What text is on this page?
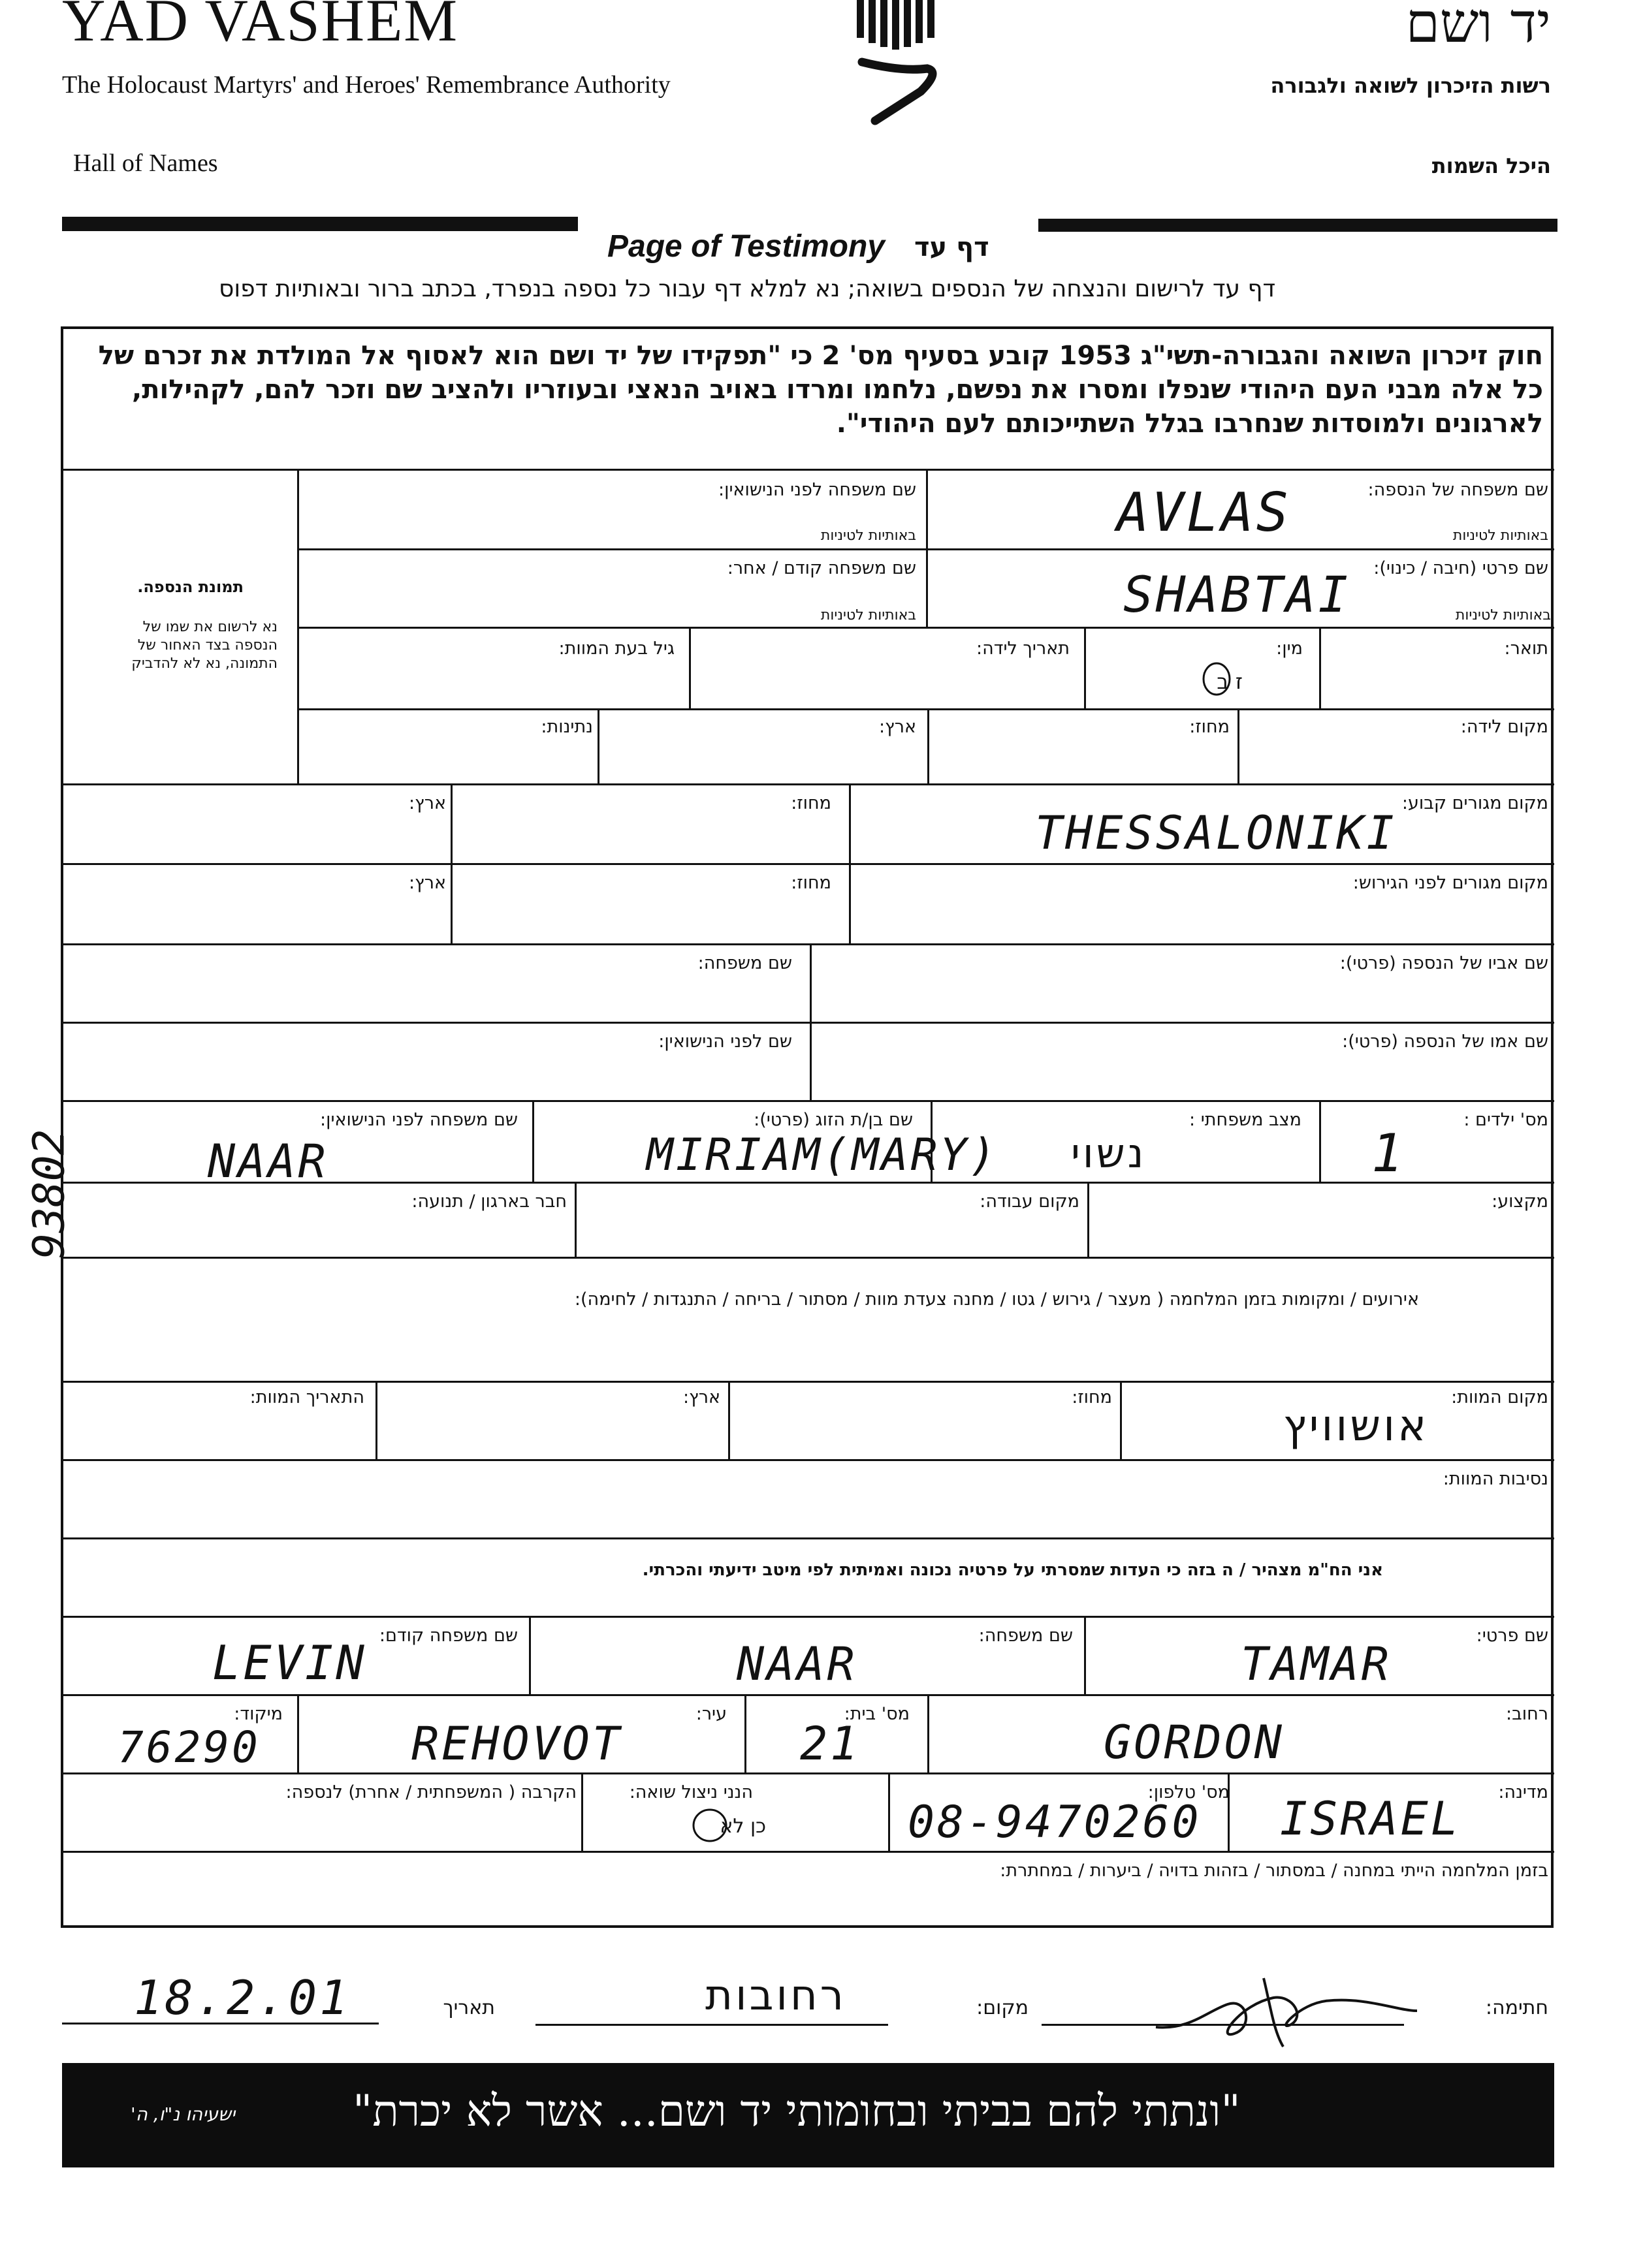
YAD VASHEM	יד ושם
The Holocaust Martyrs' and Heroes' Remembrance Authority	רשות הזיכרון לשואה ולגבורה
Hall of Names	היכל השמות
Page of Testimony דף עד
דף עד לרישום והנצחה של הנספים בשואה; נא למלא דף עבור כל נספה בנפרד, בכתב ברור ובאותיות דפוס
חוק זיכרון השואה והגבורה-תשי"ג 1953 קובע בסעיף מס' 2 כי "תפקידו של יד ושם הוא לאסוף אל המולדת את זכרם של
כל אלה מבני העם היהודי שנפלו ומסרו את נפשם, נלחמו ומרדו באויב הנאצי ובעוזריו ולהציב שם וזכר להם, לקהילות,
לארגונים ולמוסדות שנחרבו בגלל השתייכותם לעם היהודי".
תמונת הנספה.
נא לרשום את שמו של
הנספה בצד האחור של
התמונה, נא לא להדביק
שם משפחה של הנספה:
באותיות לטיניות
AVLAS
שם משפחה לפני הנישואין:
באותיות לטיניות
שם פרטי (חיבה / כינוי):
באותיות לטיניות
SHABTAI
שם משפחה קודם / אחר:
באותיות לטיניות
תואר:
מין:
ז ב
תאריך לידה:
גיל בעת המוות:
מקום לידה:
מחוז:
ארץ:
נתינות:
מקום מגורים קבוע:
THESSALONIKI
מחוז:
ארץ:
מקום מגורים לפני הגירוש:
מחוז:
ארץ:
שם אביו של הנספה (פרטי):
שם משפחה:
שם אמו של הנספה (פרטי):
שם לפני הנישואין:
מס' ילדים :
1
מצב משפחתי :
נשוי
שם בן/ת הזוג (פרטי):
MIRIAM(MARY)
שם משפחה לפני הנישואין:
NAAR
מקצוע:
מקום עבודה:
חבר בארגון / תנועה:
אירועים / ומקומות בזמן המלחמה ( מעצר / גירוש / גטו / מחנה צעדת מוות / מסתור / בריחה / התנגדות / לחימה):
מקום המוות:
אושוויץ
מחוז:
ארץ:
התאריך המוות:
נסיבות המוות:
אני הח"מ מצהיר / ה בזה כי העדות שמסרתי על פרטיה נכונה ואמיתית לפי מיטב ידיעתי והכרתי.
שם פרטי:
TAMAR
שם משפחה:
NAAR
שם משפחה קודם:
LEVIN
רחוב:
GORDON
מס' בית:
21
עיר:
REHOVOT
מיקוד:
76290
מדינה:
ISRAEL
מס' טלפון:
08-9470260
הנני ניצול שואה:
כן לא
הקרבה ( המשפחתית / אחרת) לנספה:
בזמן המלחמה הייתי במחנה / במסתור / בזהות בדויה / ביערות / במחתרת:
חתימה:
מקום:
רחובות
תאריך
18.2.01
"ונתתי להם בביתי ובחומותי יד ושם... אשר לא יכרת"
ישעיהו נ"ו, ה'
93802
